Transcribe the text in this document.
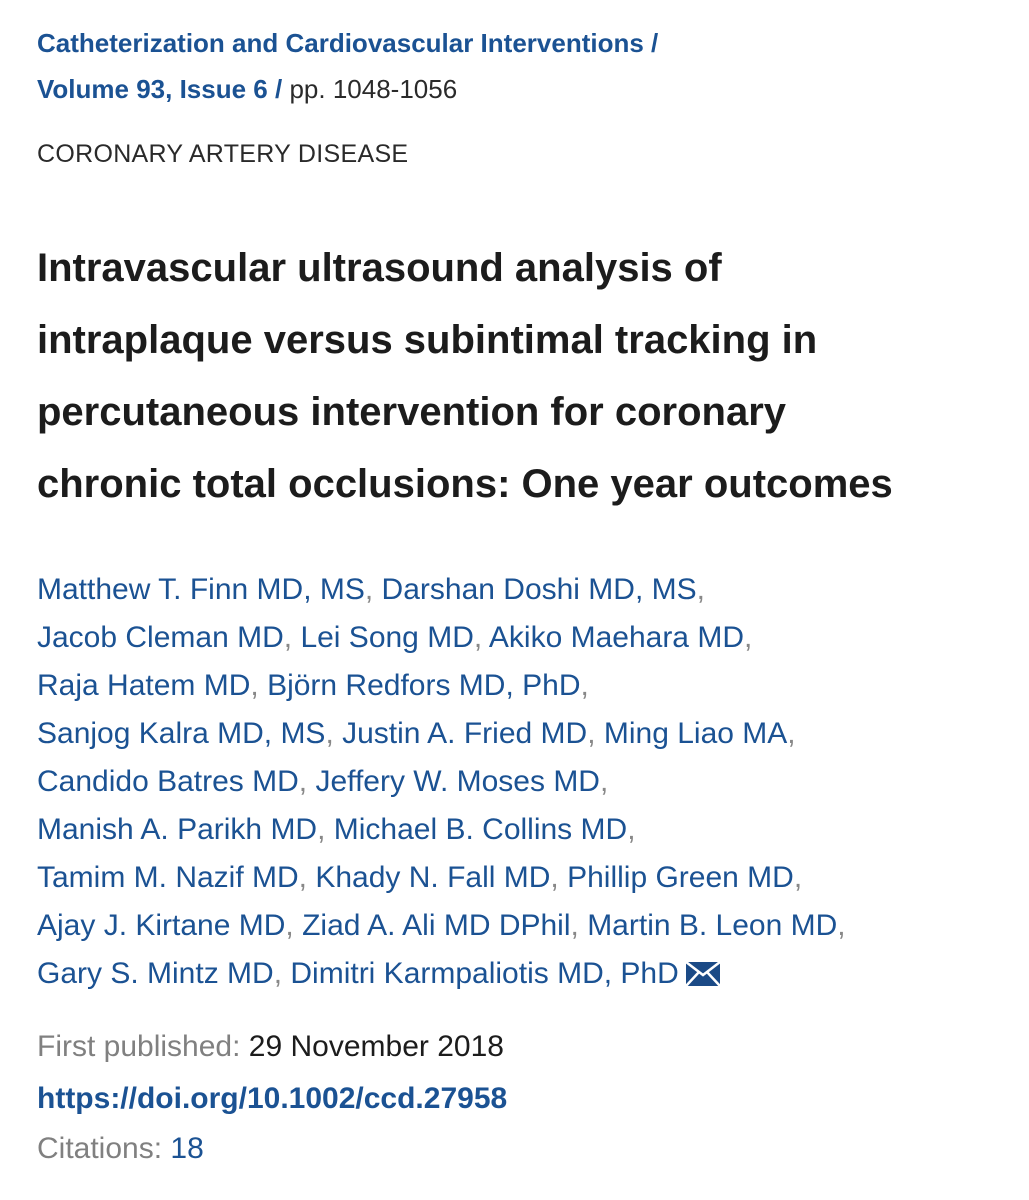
Catheterization and Cardiovascular Interventions /

Volume 93, Issue 6 / pp. 1048-1056

CORONARY ARTERY DISEASE

Intravascular ultrasound analysis of
intraplaque versus subintimal tracking in
percutaneous intervention for coronary
chronic total occlusions: One year outcomes
Matthew T. Finn MD, MS, Darshan Doshi MD, MS,
Jacob Cleman MD, Lei Song MD, Akiko Maehara MD,
Raja Hatem MD, Björn Redfors MD, PhD,
Sanjog Kalra MD, MS, Justin A. Fried MD, Ming Liao MA,
Candido Batres MD, Jeffery W. Moses MD,
Manish A. Parikh MD, Michael B. Collins MD,
Tamim M. Nazif MD, Khady N. Fall MD, Phillip Green MD,
Ajay J. Kirtane MD, Ziad A. Ali MD DPhil, Martin B. Leon MD,
Gary S. Mintz MD, Dimitri Karmpaliotis MD, PhD

First published: 29 November 2018

https://doi.org/10.1002/ccd.27958

Citations: 18
